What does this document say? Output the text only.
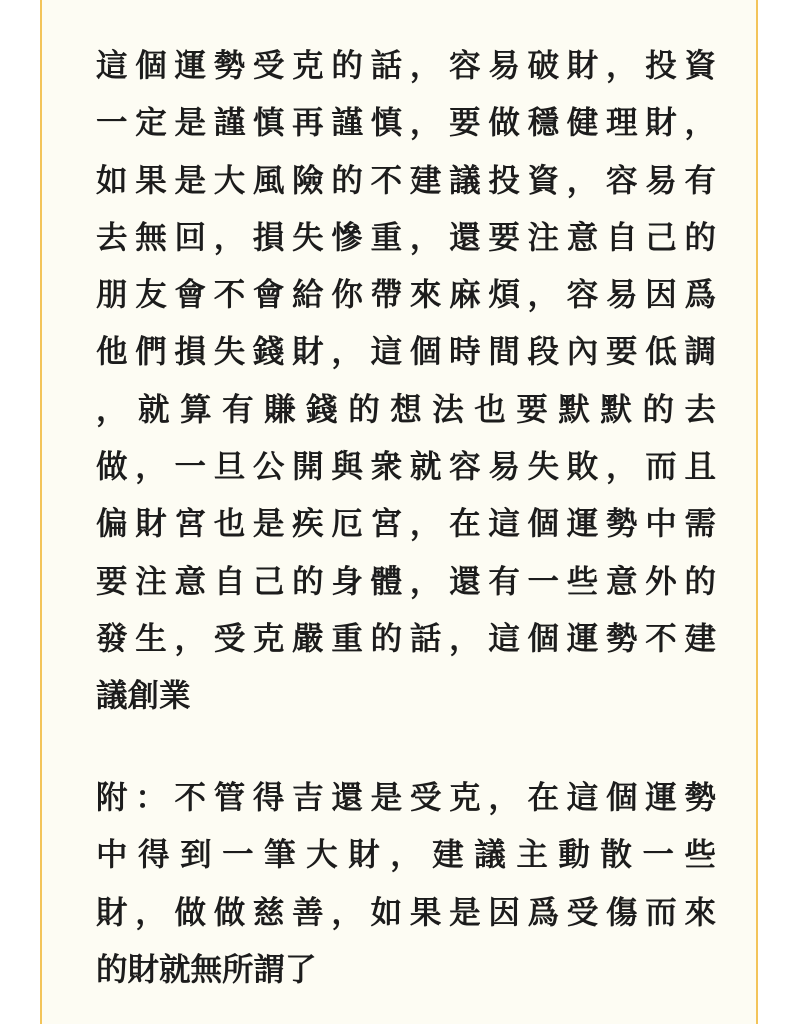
這個運勢受克的話，容易破財，投資
一定是謹慎再謹慎，要做穩健理財，
如果是大風險的不建議投資，容易有
去無回，損失慘重，還要注意自己的
朋友會不會給你帶來麻煩，容易因爲
他們損失錢財，這個時間段內要低調
，就算有賺錢的想法也要默默的去
做，一旦公開與衆就容易失敗，而且
偏財宮也是疾厄宮，在這個運勢中需
要注意自己的身體，還有一些意外的
發生，受克嚴重的話，這個運勢不建
議創業
附：不管得吉還是受克，在這個運勢
中得到一筆大財，建議主動散一些
財，做做慈善，如果是因爲受傷而來
的財就無所謂了
